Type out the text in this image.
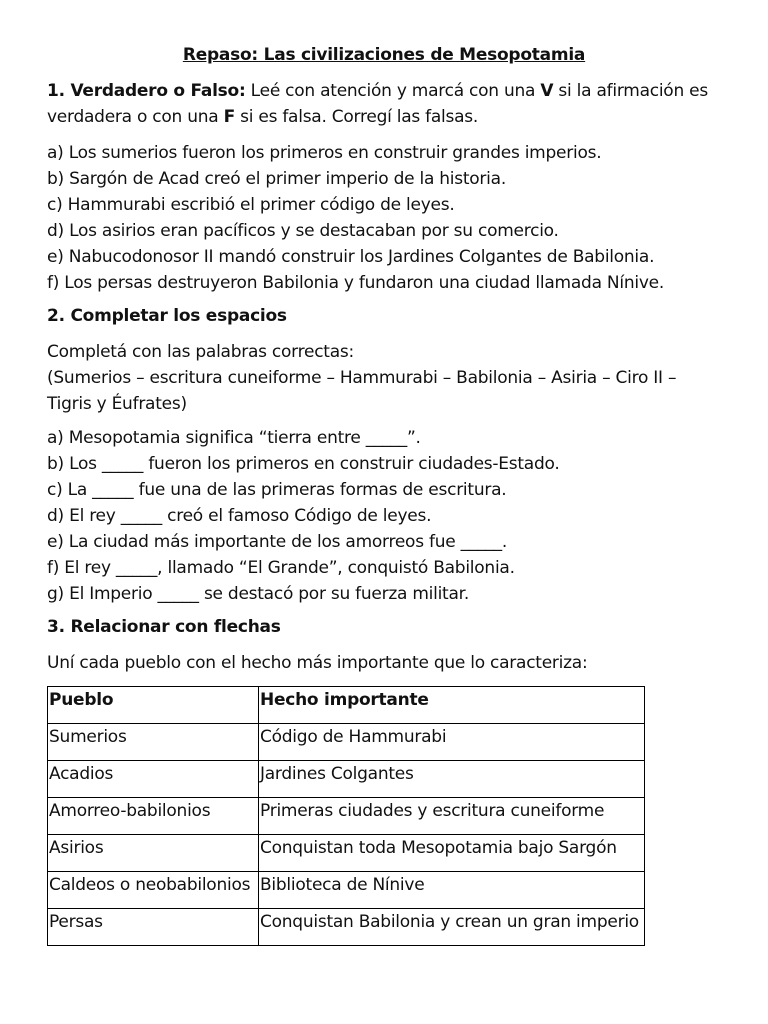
Repaso: Las civilizaciones de Mesopotamia
1. Verdadero o Falso: Leé con atención y marcá con una V si la afirmación es
verdadera o con una F si es falsa. Corregí las falsas.
a) Los sumerios fueron los primeros en construir grandes imperios.
b) Sargón de Acad creó el primer imperio de la historia.
c) Hammurabi escribió el primer código de leyes.
d) Los asirios eran pacíficos y se destacaban por su comercio.
e) Nabucodonosor II mandó construir los Jardines Colgantes de Babilonia.
f) Los persas destruyeron Babilonia y fundaron una ciudad llamada Nínive.
2. Completar los espacios
Completá con las palabras correctas:
(Sumerios – escritura cuneiforme – Hammurabi – Babilonia – Asiria – Ciro II –
Tigris y Éufrates)
a) Mesopotamia significa “tierra entre _____”.
b) Los _____ fueron los primeros en construir ciudades-Estado.
c) La _____ fue una de las primeras formas de escritura.
d) El rey _____ creó el famoso Código de leyes.
e) La ciudad más importante de los amorreos fue _____.
f) El rey _____, llamado “El Grande”, conquistó Babilonia.
g) El Imperio _____ se destacó por su fuerza militar.
3. Relacionar con flechas
Uní cada pueblo con el hecho más importante que lo caracteriza:
Pueblo	Hecho importante
Sumerios	Código de Hammurabi
Acadios	Jardines Colgantes
Amorreo-babilonios	Primeras ciudades y escritura cuneiforme
Asirios	Conquistan toda Mesopotamia bajo Sargón
Caldeos o neobabilonios	Biblioteca de Nínive
Persas	Conquistan Babilonia y crean un gran imperio
